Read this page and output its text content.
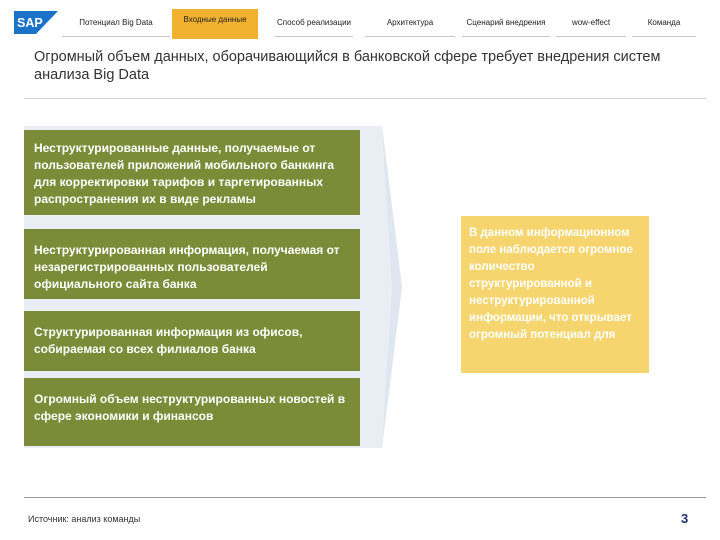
SAP	Потенциал Big Data	Входные данные	Способ реализации	Архитектура	Сценарий внедрения	wow-effect	Команда
Огромный объем данных, оборачивающийся в банковской сфере требует внедрения систем анализа Big Data
Неструктурированные данные, получаемые от пользователей приложений мобильного банкинга для корректировки тарифов и таргетированных распространения их в виде рекламы
Неструктурированная информация, получаемая от незарегистрированных пользователей официального сайта банка
Структурированная информация из офисов, собираемая со всех филиалов банка
Огромный объем неструктурированных новостей в сфере экономики и финансов
В данном информационном поле наблюдается огромное количество структурированной и неструктурированной информации, что открывает огромный потенциал для
Источник: анализ команды	3
